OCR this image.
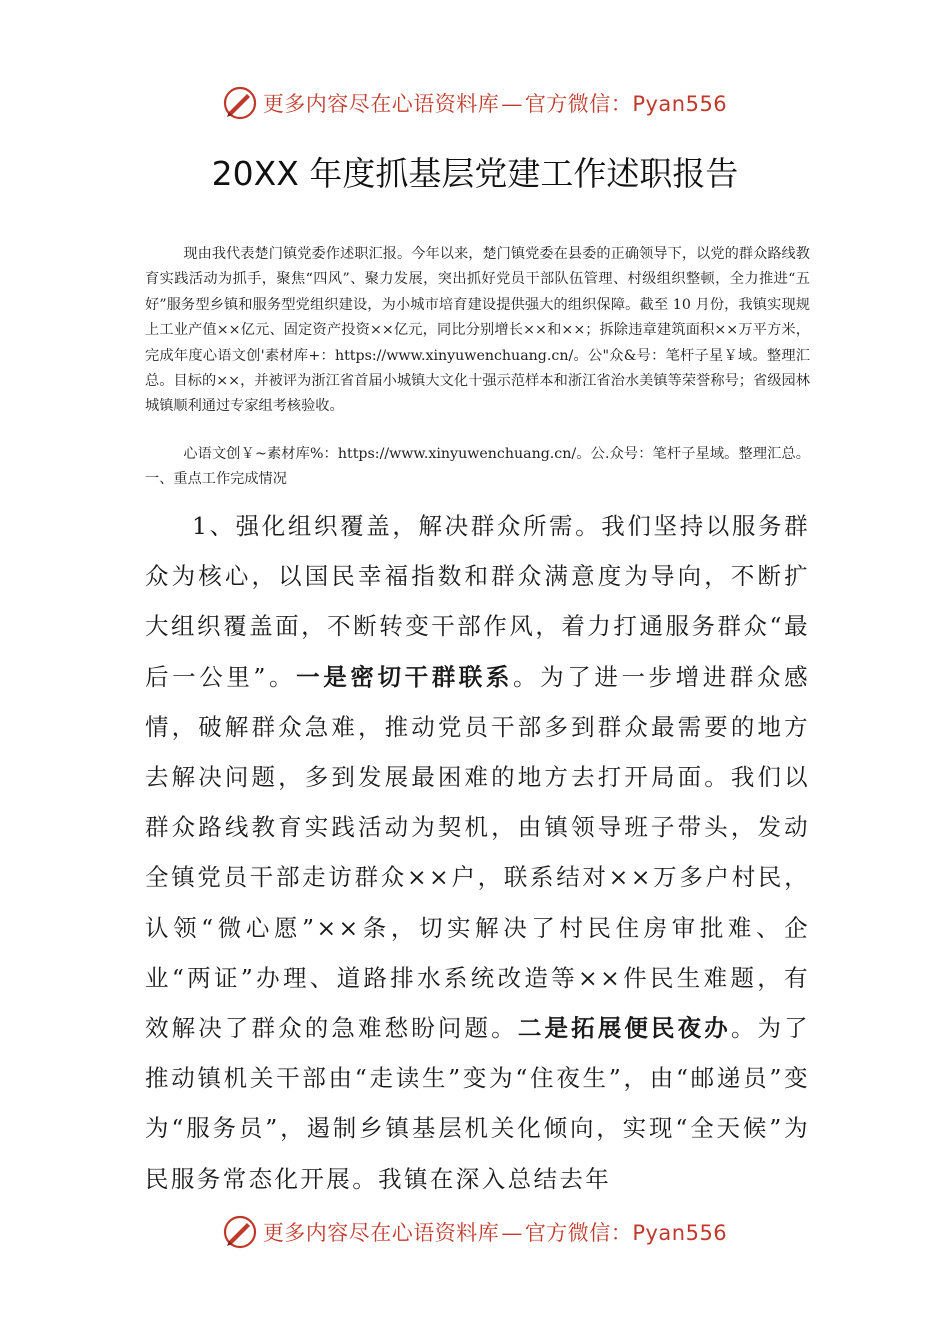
更多内容尽在心语资料库—官方微信：Pyan556
20XX 年度抓基层党建工作述职报告

现由我代表楚门镇党委作述职汇报。今年以来，楚门镇党委在县委的正确领导下，以党的群众路线教育实践活动为抓手，聚焦“四风”、聚力发展，突出抓好党员干部队伍管理、村级组织整顿，全力推进“五好”服务型乡镇和服务型党组织建设，为小城市培育建设提供强大的组织保障。截至 10 月份，我镇实现规上工业产值××亿元、固定资产投资××亿元，同比分别增长××和××；拆除违章建筑面积××万平方米，完成年度心语文创'素材库+：https://www.xinyuwenchuang.cn/。公"众&号：笔杆子星￥域。整理汇总。目标的××，并被评为浙江省首届小城镇大文化十强示范样本和浙江省治水美镇等荣誉称号；省级园林城镇顺利通过专家组考核验收。

心语文创￥~素材库%：https://www.xinyuwenchuang.cn/。公.众号：笔杆子星域。整理汇总。一、重点工作完成情况

1、强化组织覆盖，解决群众所需。我们坚持以服务群众为核心，以国民幸福指数和群众满意度为导向，不断扩大组织覆盖面，不断转变干部作风，着力打通服务群众“最后一公里”。一是密切干群联系。为了进一步增进群众感情，破解群众急难，推动党员干部多到群众最需要的地方去解决问题，多到发展最困难的地方去打开局面。我们以群众路线教育实践活动为契机，由镇领导班子带头，发动全镇党员干部走访群众××户，联系结对××万多户村民，认领“微心愿”××条，切实解决了村民住房审批难、企业“两证”办理、道路排水系统改造等××件民生难题，有效解决了群众的急难愁盼问题。二是拓展便民夜办。为了推动镇机关干部由“走读生”变为“住夜生”，由“邮递员”变为“服务员”，遏制乡镇基层机关化倾向，实现“全天候”为民服务常态化开展。我镇在深入总结去年

更多内容尽在心语资料库—官方微信：Pyan556
